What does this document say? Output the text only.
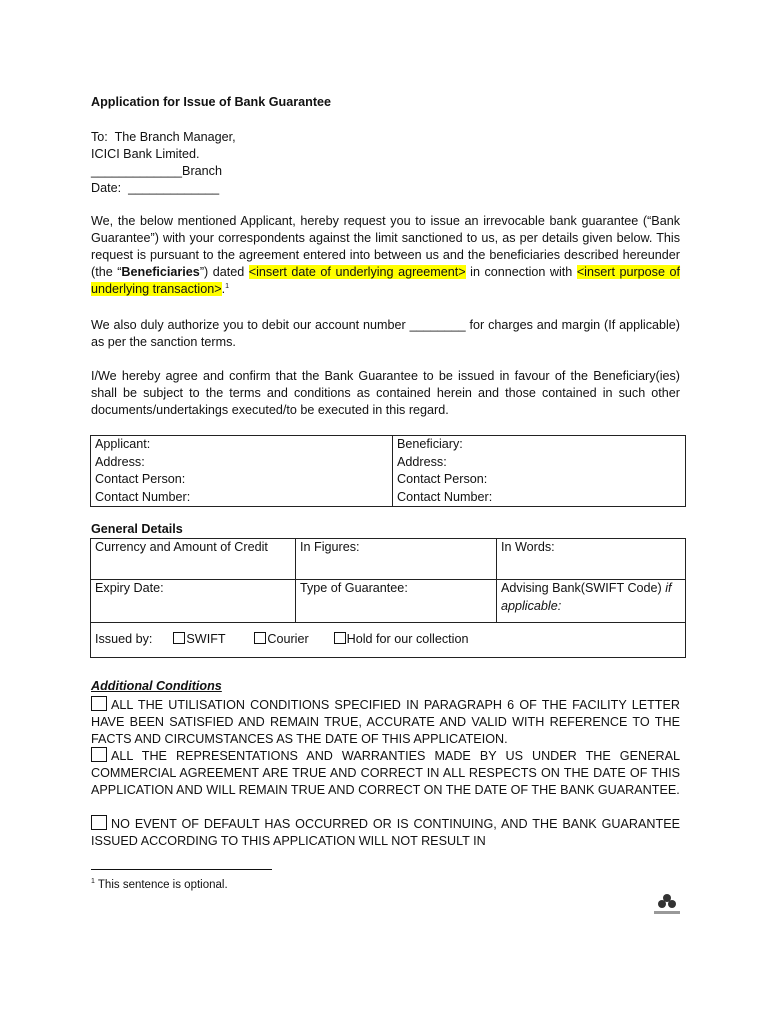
Application for Issue of Bank Guarantee
To:  The Branch Manager,
ICICI Bank Limited.
_____________Branch
Date:  _____________
We, the below mentioned Applicant, hereby request you to issue an irrevocable bank guarantee (“Bank Guarantee”) with your correspondents against the limit sanctioned to us, as per details given below. This request is pursuant to the agreement entered into between us and the beneficiaries described hereunder (the “Beneficiaries”) dated <insert date of underlying agreement> in connection with <insert purpose of underlying transaction>.$^1$
We also duly authorize you to debit our account number ________ for charges and margin (If applicable) as per the sanction terms.
I/We hereby agree and confirm that the Bank Guarantee to be issued in favour of the Beneficiary(ies) shall be subject to the terms and conditions as contained herein and those contained in such other documents/undertakings executed/to be executed in this regard.
Applicant:
Address:
Contact Person:
Contact Number:

Beneficiary:
Address:
Contact Person:
Contact Number:
General Details
Currency and Amount of Credit	In Figures:	In Words:
Expiry Date:	Type of Guarantee:	Advising Bank(SWIFT Code) if
applicable:
Issued by: SWIFT Courier Hold for our collection		
Additional Conditions
ALL THE UTILISATION CONDITIONS SPECIFIED IN PARAGRAPH 6 OF THE FACILITY LETTER HAVE BEEN SATISFIED AND REMAIN TRUE, ACCURATE AND VALID WITH REFERENCE TO THE FACTS AND CIRCUMSTANCES AS THE DATE OF THIS APPLICATEION.
ALL THE REPRESENTATIONS AND WARRANTIES MADE BY US UNDER THE GENERAL COMMERCIAL AGREEMENT ARE TRUE AND CORRECT IN ALL RESPECTS ON THE DATE OF THIS APPLICATION AND WILL REMAIN TRUE AND CORRECT ON THE DATE OF THE BANK GUARANTEE.
NO EVENT OF DEFAULT HAS OCCURRED OR IS CONTINUING, AND THE BANK GUARANTEE ISSUED ACCORDING TO THIS APPLICATION WILL NOT RESULT IN
$^1$ This sentence is optional.
